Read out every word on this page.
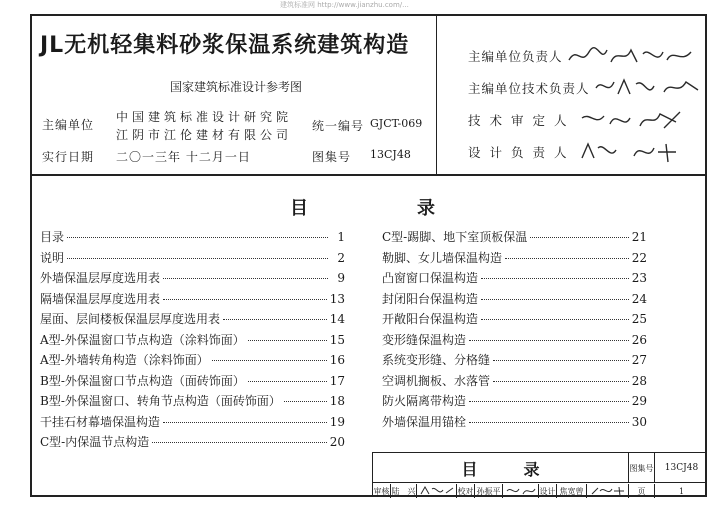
建筑标准网 http://www.jianzhu.com/...
JL无机轻集料砂浆保温系统建筑构造
国家建筑标准设计参考图
主编单位
中国建筑标准设计研究院
江阴市江伦建材有限公司
统一编号 GJCT-069
实行日期 二〇一三年 十二月一日	图集号 13CJ48
主编单位负责人
主编单位技术负责人
技术审定人
设计负责人
目	录
目录	1
说明	2
外墙保温层厚度选用表	9
隔墙保温层厚度选用表	13
屋面、层间楼板保温层厚度选用表	14
A型-外保温窗口节点构造（涂料饰面）	15
A型-外墙转角构造（涂料饰面）	16
B型-外保温窗口节点构造（面砖饰面）	17
B型-外保温窗口、转角节点构造（面砖饰面）	18
干挂石材幕墙保温构造	19
C型-内保温节点构造	20
C型-踢脚、地下室顶板保温	21
勒脚、女儿墙保温构造	22
凸窗窗口保温构造	23
封闭阳台保温构造	24
开敞阳台保温构造	25
变形缝保温构造	26
系统变形缝、分格缝	27
空调机搁板、水落管	28
防火隔离带构造	29
外墙保温用锚栓	30
目	录	图集号	13CJ48
审核 陆　兴	校对 孙振平	设计 焦宽曾	页	1
